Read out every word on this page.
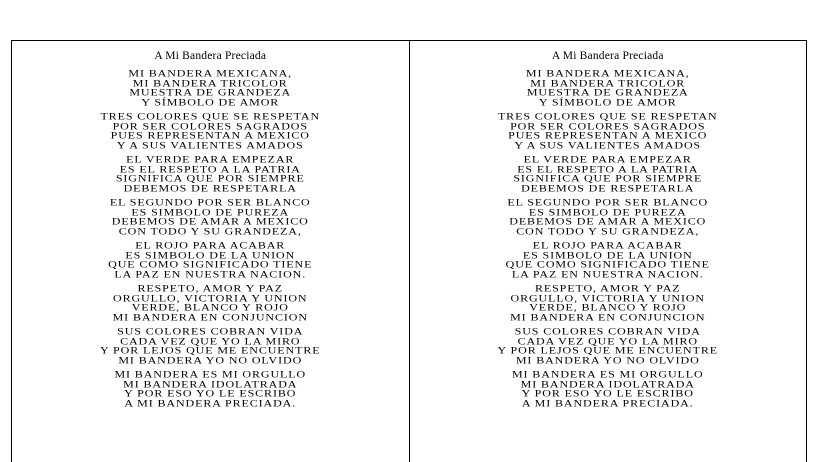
A Mi Bandera Preciada
MI BANDERA MEXICANA,
MI BANDERA TRICOLOR
MUESTRA DE GRANDEZA
Y SÍMBOLO DE AMOR
TRES COLORES QUE SE RESPETAN
POR SER COLORES SAGRADOS
PUES REPRESENTAN A MEXICO
Y A SUS VALIENTES AMADOS
EL VERDE PARA EMPEZAR
ES EL RESPETO A LA PATRIA
SIGNIFICA QUE POR SIEMPRE
DEBEMOS DE RESPETARLA
EL SEGUNDO POR SER BLANCO
ES SIMBOLO DE PUREZA
DEBEMOS DE AMAR A MEXICO
CON TODO Y SU GRANDEZA,
EL ROJO PARA ACABAR
ES SIMBOLO DE LA UNION
QUE COMO SIGNIFICADO TIENE
LA PAZ EN NUESTRA NACION.
RESPETO, AMOR Y PAZ
ORGULLO, VICTORIA Y UNION
VERDE, BLANCO Y ROJO
MI BANDERA EN CONJUNCION
SUS COLORES COBRAN VIDA
CADA VEZ QUE YO LA MIRO
Y POR LEJOS QUE ME ENCUENTRE
MI BANDERA YO NO OLVIDO
MI BANDERA ES MI ORGULLO
MI BANDERA IDOLATRADA
Y POR ESO YO LE ESCRIBO
A MI BANDERA PRECIADA.
A Mi Bandera Preciada
MI BANDERA MEXICANA,
MI BANDERA TRICOLOR
MUESTRA DE GRANDEZA
Y SÍMBOLO DE AMOR
TRES COLORES QUE SE RESPETAN
POR SER COLORES SAGRADOS
PUES REPRESENTAN A MEXICO
Y A SUS VALIENTES AMADOS
EL VERDE PARA EMPEZAR
ES EL RESPETO A LA PATRIA
SIGNIFICA QUE POR SIEMPRE
DEBEMOS DE RESPETARLA
EL SEGUNDO POR SER BLANCO
ES SIMBOLO DE PUREZA
DEBEMOS DE AMAR A MEXICO
CON TODO Y SU GRANDEZA,
EL ROJO PARA ACABAR
ES SIMBOLO DE LA UNION
QUE COMO SIGNIFICADO TIENE
LA PAZ EN NUESTRA NACION.
RESPETO, AMOR Y PAZ
ORGULLO, VICTORIA Y UNION
VERDE, BLANCO Y ROJO
MI BANDERA EN CONJUNCION
SUS COLORES COBRAN VIDA
CADA VEZ QUE YO LA MIRO
Y POR LEJOS QUE ME ENCUENTRE
MI BANDERA YO NO OLVIDO
MI BANDERA ES MI ORGULLO
MI BANDERA IDOLATRADA
Y POR ESO YO LE ESCRIBO
A MI BANDERA PRECIADA.
